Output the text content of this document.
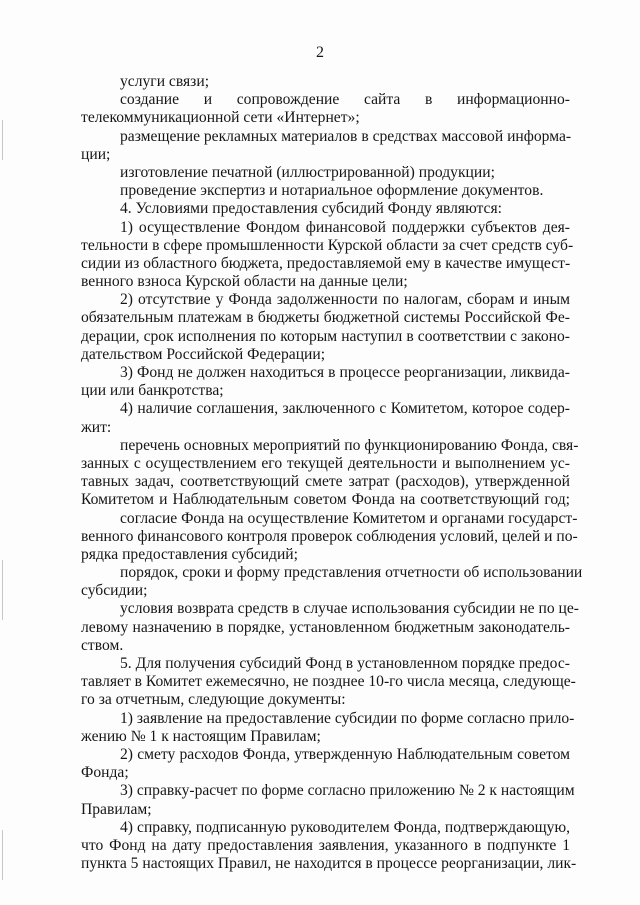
2
услуги связи;
создание и сопровождение сайта в информационно-
телекоммуникационной сети «Интернет»;
размещение рекламных материалов в средствах массовой информа-
ции;
изготовление печатной (иллюстрированной) продукции;
проведение экспертиз и нотариальное оформление документов.
4. Условиями предоставления субсидий Фонду являются:
1) осуществление Фондом финансовой поддержки субъектов дея-
тельности в сфере промышленности Курской области за счет средств суб-
сидии из областного бюджета, предоставляемой ему в качестве имущест-
венного взноса Курской области на данные цели;
2) отсутствие у Фонда задолженности по налогам, сборам и иным
обязательным платежам в бюджеты бюджетной системы Российской Фе-
дерации, срок исполнения по которым наступил в соответствии с законо-
дательством Российской Федерации;
3) Фонд не должен находиться в процессе реорганизации, ликвида-
ции или банкротства;
4) наличие соглашения, заключенного с Комитетом, которое содер-
жит:
перечень основных мероприятий по функционированию Фонда, свя-
занных с осуществлением его текущей деятельности и выполнением ус-
тавных задач, соответствующий смете затрат (расходов), утвержденной
Комитетом и Наблюдательным советом Фонда на соответствующий год;
согласие Фонда на осуществление Комитетом и органами государст-
венного финансового контроля проверок соблюдения условий, целей и по-
рядка предоставления субсидий;
порядок, сроки и форму представления отчетности об использовании
субсидии;
условия возврата средств в случае использования субсидии не по це-
левому назначению в порядке, установленном бюджетным законодатель-
ством.
5. Для получения субсидий Фонд в установленном порядке предос-
тавляет в Комитет ежемесячно, не позднее 10-го числа месяца, следующе-
го за отчетным, следующие документы:
1) заявление на предоставление субсидии по форме согласно прило-
жению № 1 к настоящим Правилам;
2) смету расходов Фонда, утвержденную Наблюдательным советом
Фонда;
3) справку-расчет по форме согласно приложению № 2 к настоящим
Правилам;
4) справку, подписанную руководителем Фонда, подтверждающую,
что Фонд на дату предоставления заявления, указанного в подпункте 1
пункта 5 настоящих Правил, не находится в процессе реорганизации, лик-
